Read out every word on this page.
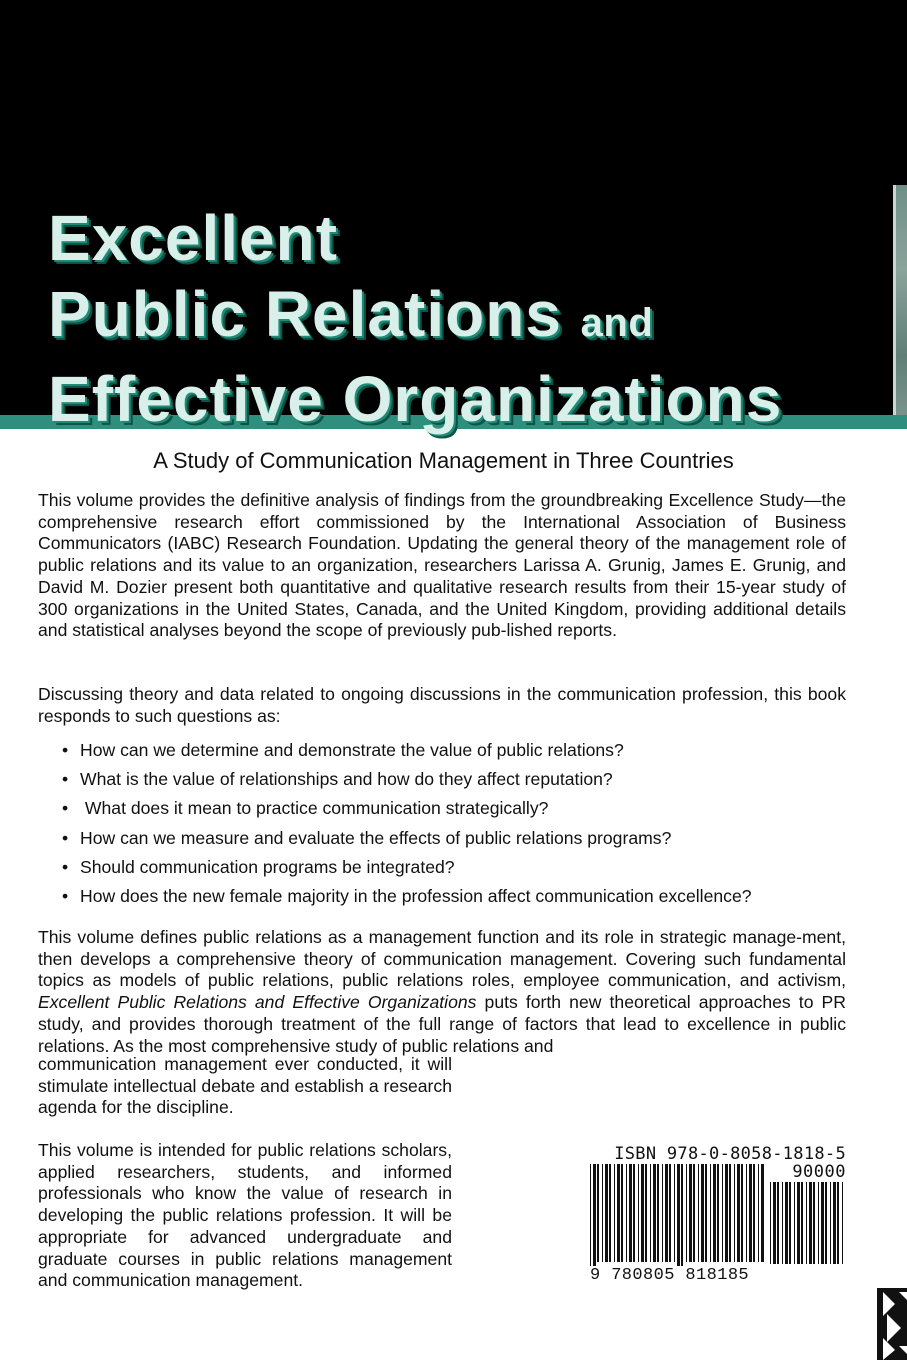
Excellent
Public Relations and
Effective Organizations
A Study of Communication Management in Three Countries

This volume provides the definitive analysis of findings from the groundbreaking Excellence Study—the comprehensive research effort commissioned by the International Association of Business Communicators (IABC) Research Foundation. Updating the general theory of the management role of public relations and its value to an organization, researchers Larissa A. Grunig, James E. Grunig, and David M. Dozier present both quantitative and qualitative research results from their 15-year study of 300 organizations in the United States, Canada, and the United Kingdom, providing additional details and statistical analyses beyond the scope of previously pub-lished reports.

Discussing theory and data related to ongoing discussions in the communication profession, this book responds to such questions as:

• How can we determine and demonstrate the value of public relations?
• What is the value of relationships and how do they affect reputation?
• What does it mean to practice communication strategically?
• How can we measure and evaluate the effects of public relations programs?
• Should communication programs be integrated?
• How does the new female majority in the profession affect communication excellence?

This volume defines public relations as a management function and its role in strategic manage-ment, then develops a comprehensive theory of communication management. Covering such fundamental topics as models of public relations, public relations roles, employee communication, and activism, Excellent Public Relations and Effective Organizations puts forth new theoretical approaches to PR study, and provides thorough treatment of the full range of factors that lead to excellence in public relations. As the most comprehensive study of public relations and

communication management ever conducted, it will stimulate intellectual debate and establish a research agenda for the discipline.

This volume is intended for public relations scholars, applied researchers, students, and informed professionals who know the value of research in developing the public relations profession. It will be appropriate for advanced undergraduate and graduate courses in public relations management and communication management.

ISBN 978-0-8058-1818-5
90000
9 780805 818185
